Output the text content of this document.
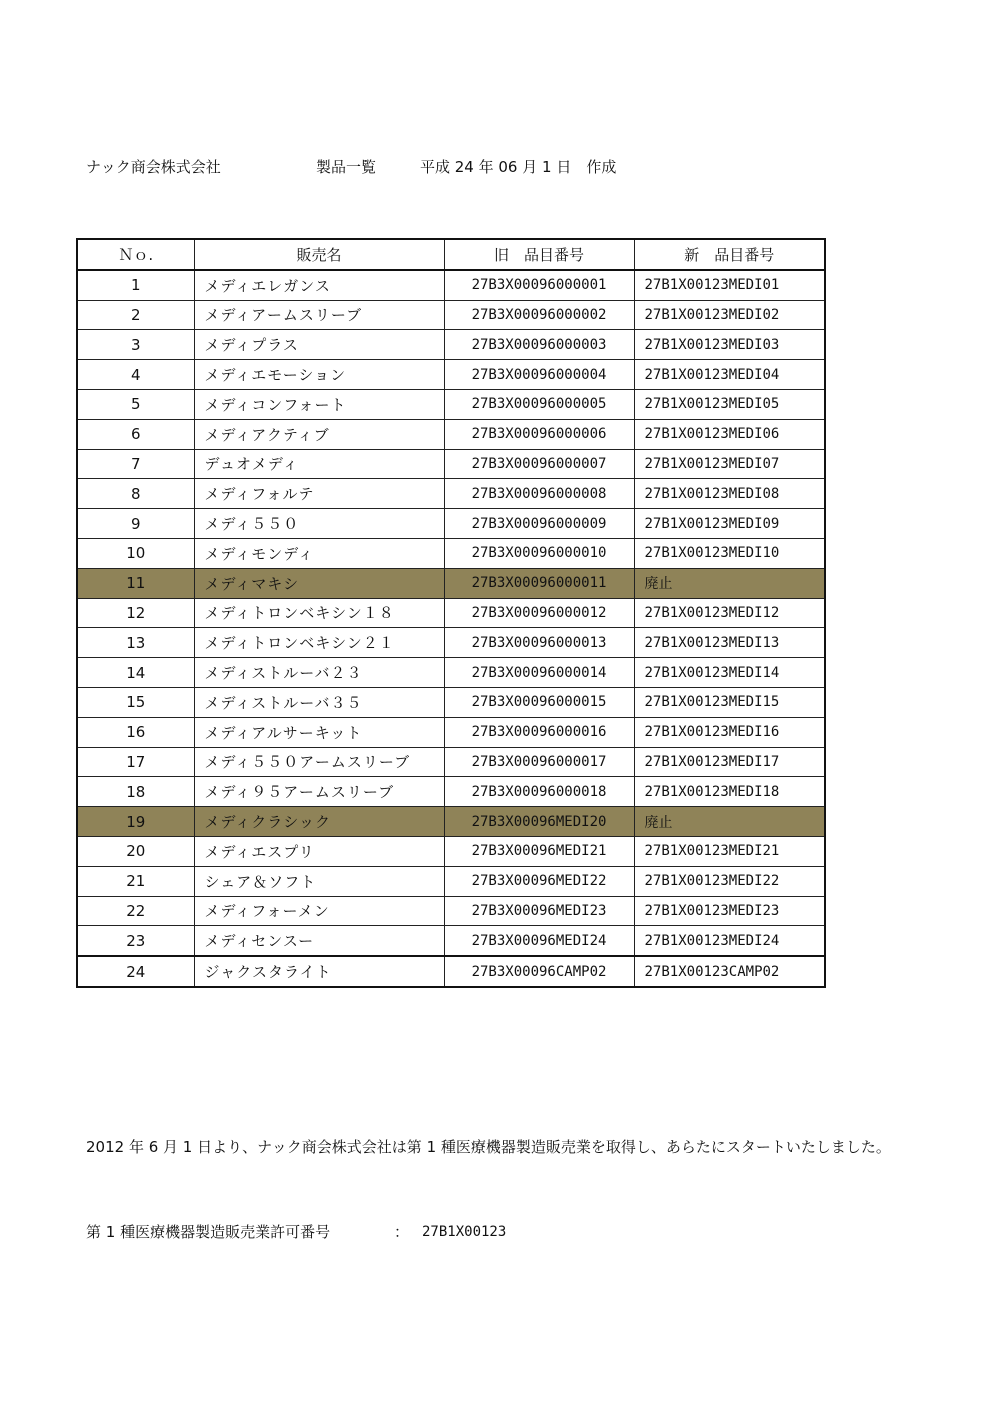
ナック商会株式会社	製品一覧	平成 24 年 06 月 1 日　作成
Ｎｏ.	販売名	旧　品目番号	新　品目番号
1	メディエレガンス	27B3X00096000001	27B1X00123MEDI01
2	メディアームスリーブ	27B3X00096000002	27B1X00123MEDI02
3	メディプラス	27B3X00096000003	27B1X00123MEDI03
4	メディエモーション	27B3X00096000004	27B1X00123MEDI04
5	メディコンフォート	27B3X00096000005	27B1X00123MEDI05
6	メディアクティブ	27B3X00096000006	27B1X00123MEDI06
7	デュオメディ	27B3X00096000007	27B1X00123MEDI07
8	メディフォルテ	27B3X00096000008	27B1X00123MEDI08
9	メディ５５０	27B3X00096000009	27B1X00123MEDI09
10	メディモンディ	27B3X00096000010	27B1X00123MEDI10
11	メディマキシ	27B3X00096000011	廃止
12	メディトロンベキシン１８	27B3X00096000012	27B1X00123MEDI12
13	メディトロンベキシン２１	27B3X00096000013	27B1X00123MEDI13
14	メディストルーバ２３	27B3X00096000014	27B1X00123MEDI14
15	メディストルーバ３５	27B3X00096000015	27B1X00123MEDI15
16	メディアルサーキット	27B3X00096000016	27B1X00123MEDI16
17	メディ５５０アームスリーブ	27B3X00096000017	27B1X00123MEDI17
18	メディ９５アームスリーブ	27B3X00096000018	27B1X00123MEDI18
19	メディクラシック	27B3X00096MEDI20	廃止
20	メディエスプリ	27B3X00096MEDI21	27B1X00123MEDI21
21	シェア＆ソフト	27B3X00096MEDI22	27B1X00123MEDI22
22	メディフォーメン	27B3X00096MEDI23	27B1X00123MEDI23
23	メディセンスー	27B3X00096MEDI24	27B1X00123MEDI24
24	ジャクスタライト	27B3X00096CAMP02	27B1X00123CAMP02
2012 年 6 月 1 日より、ナック商会株式会社は第 1 種医療機器製造販売業を取得し、あらたにスタートいたしました。
第 1 種医療機器製造販売業許可番号	： 27B1X00123
